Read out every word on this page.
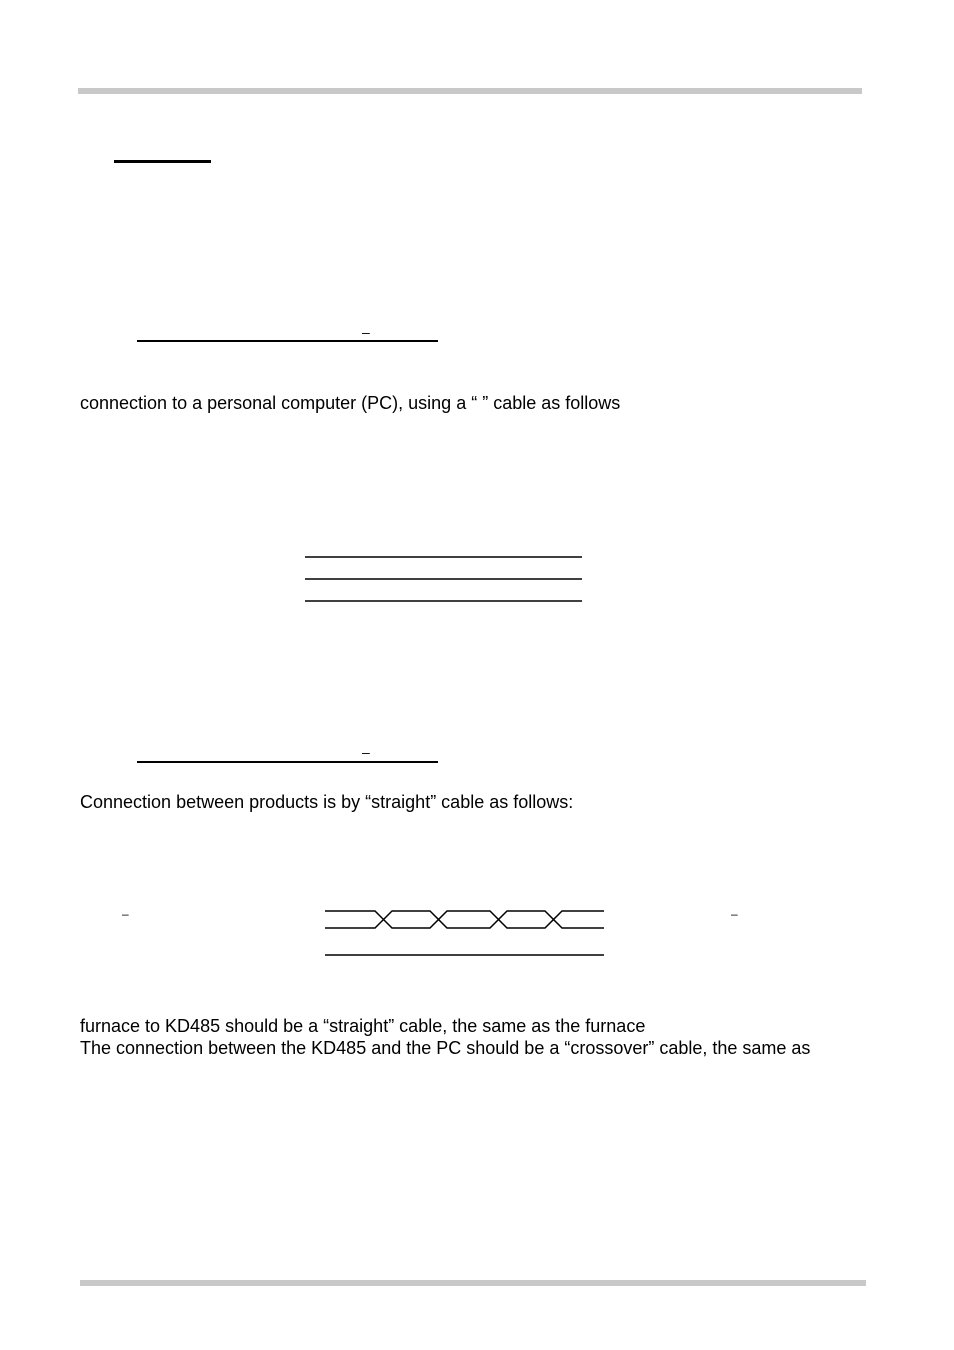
–
connection to a personal computer (PC), using a “ ” cable as follows
–
Connection between products is by “straight” cable as follows:
–	–
furnace to KD485 should be a “straight” cable, the same as the furnace
The connection between the KD485 and the PC should be a “crossover” cable, the same as
